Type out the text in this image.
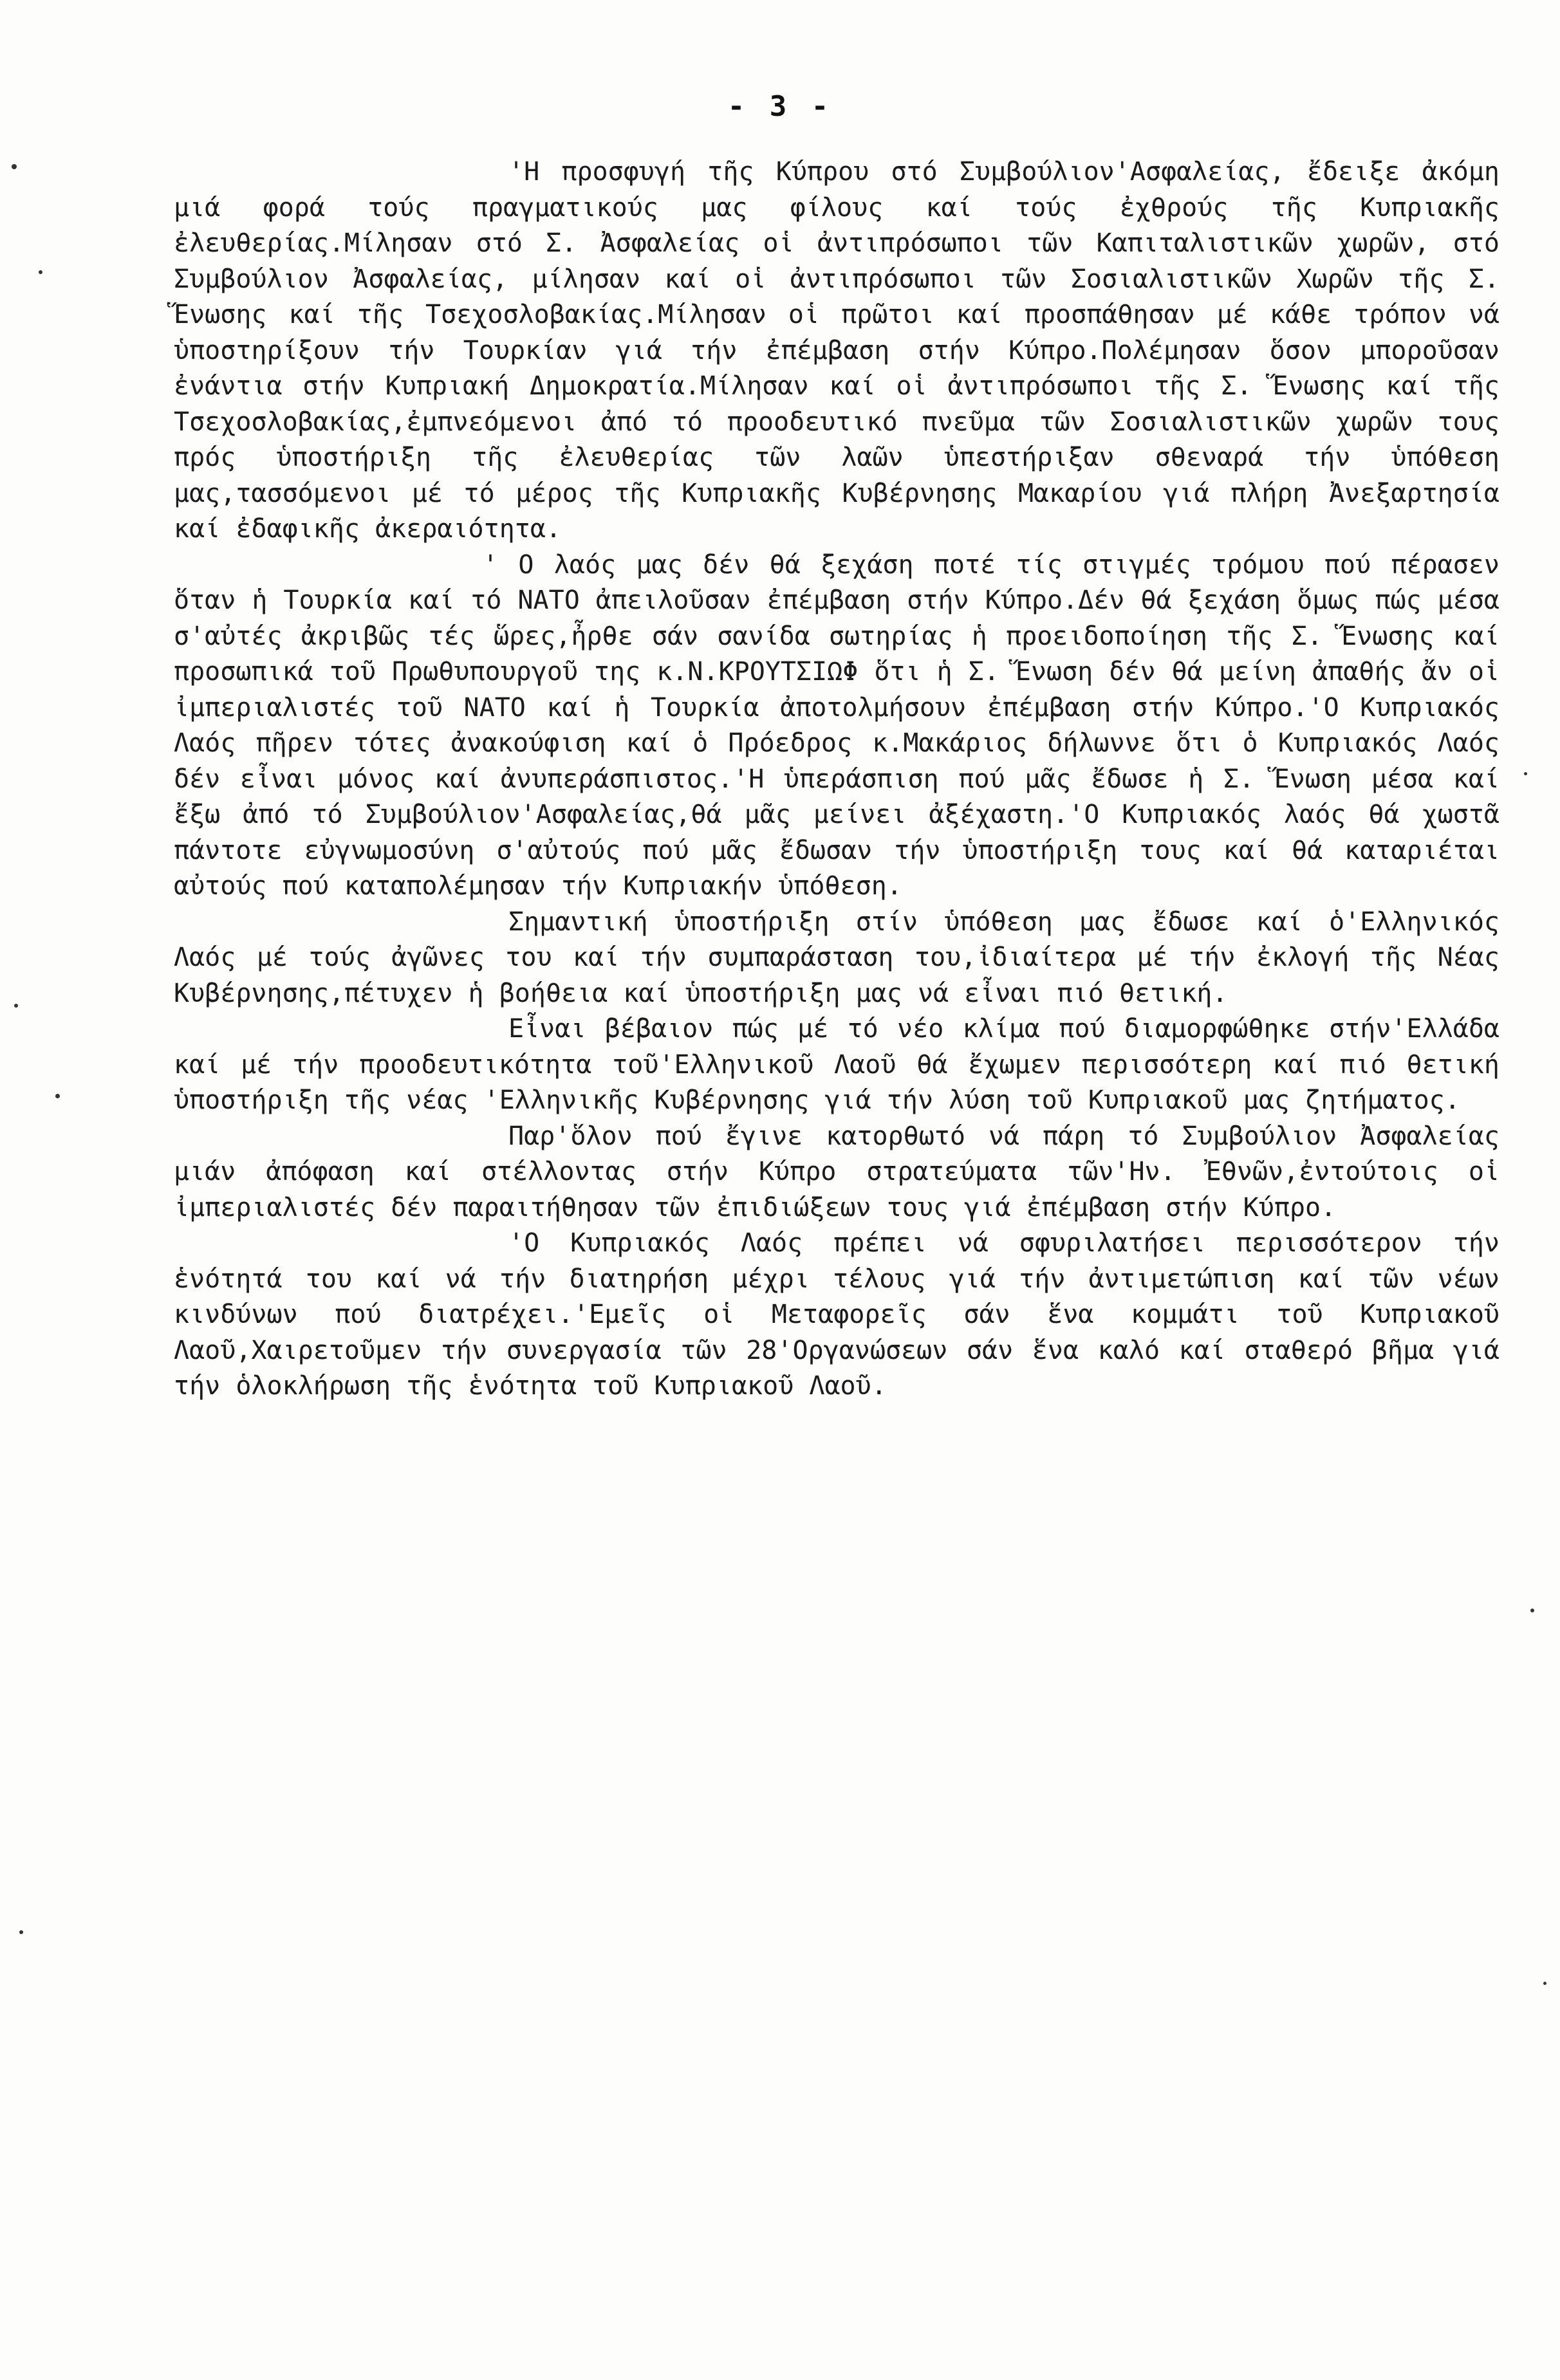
- 3 -

'Η προσφυγή τῆς Κύπρου στό Συμβούλιον'Ασφαλείας, ἔδειξε ἀκόμη μιά φορά τούς πραγματικούς μας φίλους καί τούς ἐχθρούς τῆς Κυπριακῆς ἐλευθερίας.Μίλησαν στό Σ. Ἀσφαλείας οἱ ἀντιπρόσωποι τῶν Καπιταλιστικῶν χωρῶν, στό Συμβούλιον Ἀσφαλείας, μίλησαν καί οἱ ἀντιπρόσωποι τῶν Σοσιαλιστικῶν Χωρῶν τῆς Σ. Ἕνωσης καί τῆς Τσεχοσλοβακίας.Μίλησαν οἱ πρῶτοι καί προσπάθησαν μέ κάθε τρόπον νά ὑποστηρίξουν τήν Τουρκίαν γιά τήν ἐπέμβαση στήν Κύπρο.Πολέμησαν ὅσον μποροῦσαν ἐνάντια στήν Κυπριακή Δημοκρατία.Μίλησαν καί οἱ ἀντιπρόσωποι τῆς Σ. Ἕνωσης καί τῆς Τσεχοσλοβακίας,ἐμπνεόμενοι ἀπό τό προοδευτικό πνεῦμα τῶν Σοσιαλιστικῶν χωρῶν τους πρός ὑποστήριξη τῆς ἐλευθερίας τῶν λαῶν ὑπεστήριξαν σθεναρά τήν ὑπόθεση μας,τασσόμενοι μέ τό μέρος τῆς Κυπριακῆς Κυβέρνησης Μακαρίου γιά πλήρη Ἀνεξαρτησία καί ἐδαφικῆς ἀκεραιότητα.

' Ο λαός μας δέν θά ξεχάση ποτέ τίς στιγμές τρόμου πού πέρασεν ὅταν ἡ Τουρκία καί τό ΝΑΤΟ ἀπειλοῦσαν ἐπέμβαση στήν Κύπρο.Δέν θά ξεχάση ὅμως πώς μέσα σ'αὐτές ἀκριβῶς τές ὥρες,ἦρθε σάν σανίδα σωτηρίας ἡ προειδοποίηση τῆς Σ. Ἕνωσης καί προσωπικά τοῦ Πρωθυπουργοῦ της κ.Ν.ΚΡΟΥΤΣΙΩΦ ὅτι ἡ Σ. Ἕνωση δέν θά μείνη ἀπαθής ἄν οἱ ἰμπεριαλιστές τοῦ ΝΑΤΟ καί ἡ Τουρκία ἀποτολμήσουν ἐπέμβαση στήν Κύπρο.'Ο Κυπριακός Λαός πῆρεν τότες ἀνακούφιση καί ὁ Πρόεδρος κ.Μακάριος δήλωννε ὅτι ὁ Κυπριακός Λαός δέν εἶναι μόνος καί ἀνυπεράσπιστος.'Η ὑπεράσπιση πού μᾶς ἔδωσε ἡ Σ. Ἕνωση μέσα καί ἔξω ἀπό τό Συμβούλιον'Ασφαλείας,θά μᾶς μείνει ἀξέχαστη.'Ο Κυπριακός λαός θά χωστᾶ πάντοτε εὐγνωμοσύνη σ'αὐτούς πού μᾶς ἔδωσαν τήν ὑποστήριξη τους καί θά καταριέται αὐτούς πού καταπολέμησαν τήν Κυπριακήν ὑπόθεση.

Σημαντική ὑποστήριξη στίν ὑπόθεση μας ἔδωσε καί ὁ'Ελληνικός Λαός μέ τούς ἀγῶνες του καί τήν συμπαράσταση του,ἰδιαίτερα μέ τήν ἐκλογή τῆς Νέας Κυβέρνησης,πέτυχεν ἡ βοήθεια καί ὑποστήριξη μας νά εἶναι πιό θετική.

Εἶναι βέβαιον πώς μέ τό νέο κλίμα πού διαμορφώθηκε στήν'Ελλάδα καί μέ τήν προοδευτικότητα τοῦ'Ελληνικοῦ Λαοῦ θά ἔχωμεν περισσότερη καί πιό θετική ὑποστήριξη τῆς νέας 'Ελληνικῆς Κυβέρνησης γιά τήν λύση τοῦ Κυπριακοῦ μας ζητήματος.

Παρ'ὅλον πού ἔγινε κατορθωτό νά πάρη τό Συμβούλιον Ἀσφαλείας μιάν ἀπόφαση καί στέλλοντας στήν Κύπρο στρατεύματα τῶν'Ην. Ἐθνῶν,ἐντούτοις οἱ ἰμπεριαλιστές δέν παραιτήθησαν τῶν ἐπιδιώξεων τους γιά ἐπέμβαση στήν Κύπρο.

'Ο Κυπριακός Λαός πρέπει νά σφυριλατήσει περισσότερον τήν ἑνότητά του καί νά τήν διατηρήση μέχρι τέλους γιά τήν ἀντιμετώπιση καί τῶν νέων κινδύνων πού διατρέχει.'Εμεῖς οἱ Μεταφορεῖς σάν ἕνα κομμάτι τοῦ Κυπριακοῦ Λαοῦ,Χαιρετοῦμεν τήν συνεργασία τῶν 28'Οργανώσεων σάν ἕνα καλό καί σταθερό βῆμα γιά τήν ὁλοκλήρωση τῆς ἑνότητα τοῦ Κυπριακοῦ Λαοῦ.
